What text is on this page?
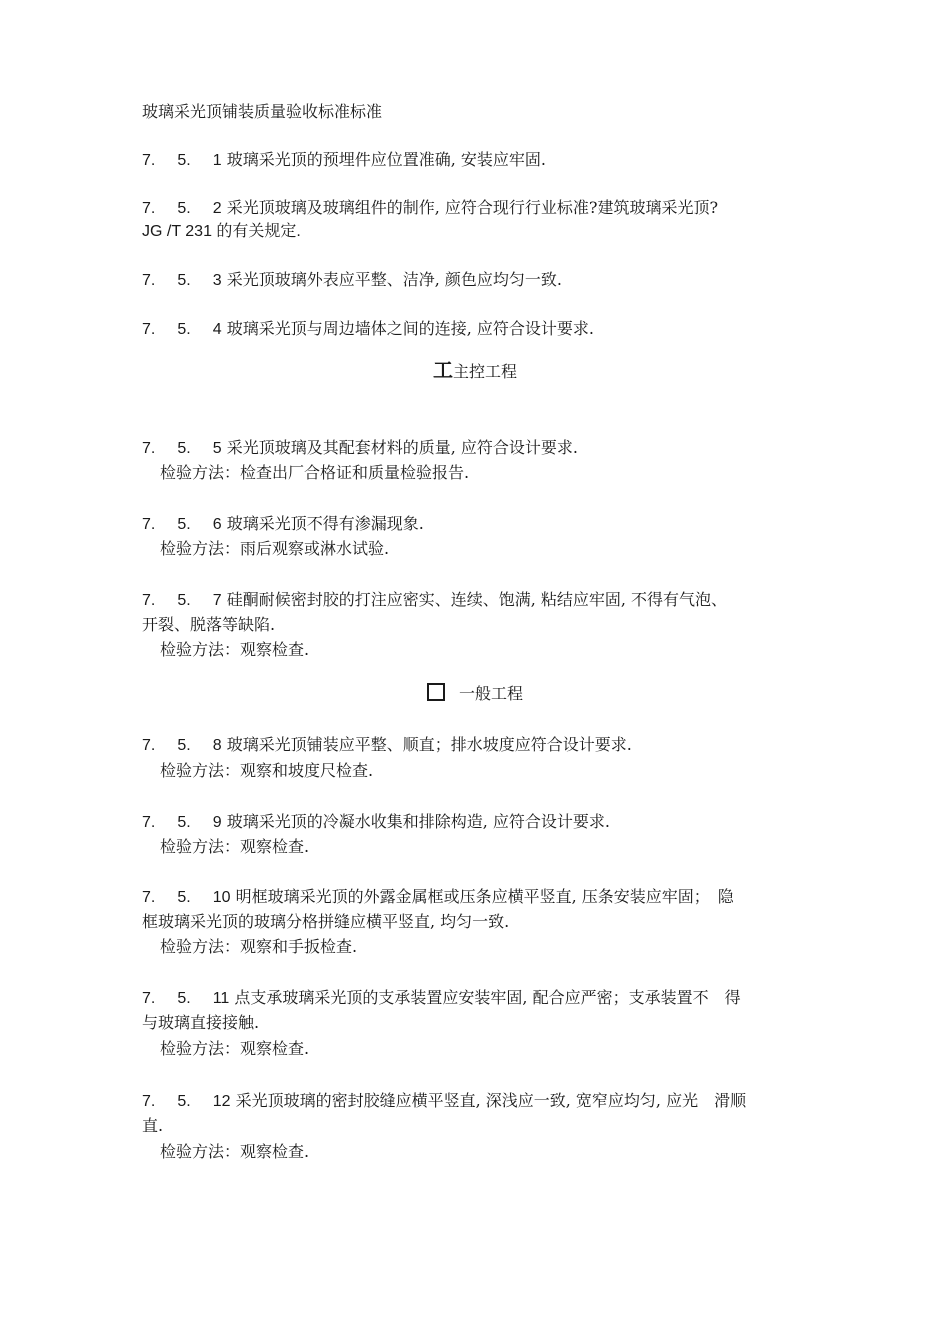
玻璃采光顶铺装质量验收标准标准
7. 5. 1 玻璃采光顶的预埋件应位置准确, 安装应牢固.
7. 5. 2 采光顶玻璃及玻璃组件的制作, 应符合现行行业标准?建筑玻璃采光顶?
JG /T 231 的有关规定.
7. 5. 3 采光顶玻璃外表应平整、洁净, 颜色应均匀一致.
7. 5. 4 玻璃采光顶与周边墙体之间的连接, 应符合设计要求.
工主控工程
7. 5. 5 采光顶玻璃及其配套材料的质量, 应符合设计要求.
检验方法：检查出厂合格证和质量检验报告.
7. 5. 6 玻璃采光顶不得有渗漏现象.
检验方法：雨后观察或淋水试验.
7. 5. 7 硅酮耐候密封胶的打注应密实、连续、饱满, 粘结应牢固, 不得有气泡、
开裂、脱落等缺陷.
检验方法：观察检查.
一般工程
7. 5. 8 玻璃采光顶铺装应平整、顺直；排水坡度应符合设计要求.
检验方法：观察和坡度尺检查.
7. 5. 9 玻璃采光顶的冷凝水收集和排除构造, 应符合设计要求.
检验方法：观察检查.
7. 5. 10 明框玻璃采光顶的外露金属框或压条应横平竖直, 压条安装应牢固；　隐
框玻璃采光顶的玻璃分格拼缝应横平竖直, 均匀一致.
检验方法：观察和手扳检查.
7. 5. 11 点支承玻璃采光顶的支承装置应安装牢固, 配合应严密；支承装置不　得
与玻璃直接接触.
检验方法：观察检查.
7. 5. 12 采光顶玻璃的密封胶缝应横平竖直, 深浅应一致, 宽窄应均匀, 应光　滑顺
直.
检验方法：观察检查.
